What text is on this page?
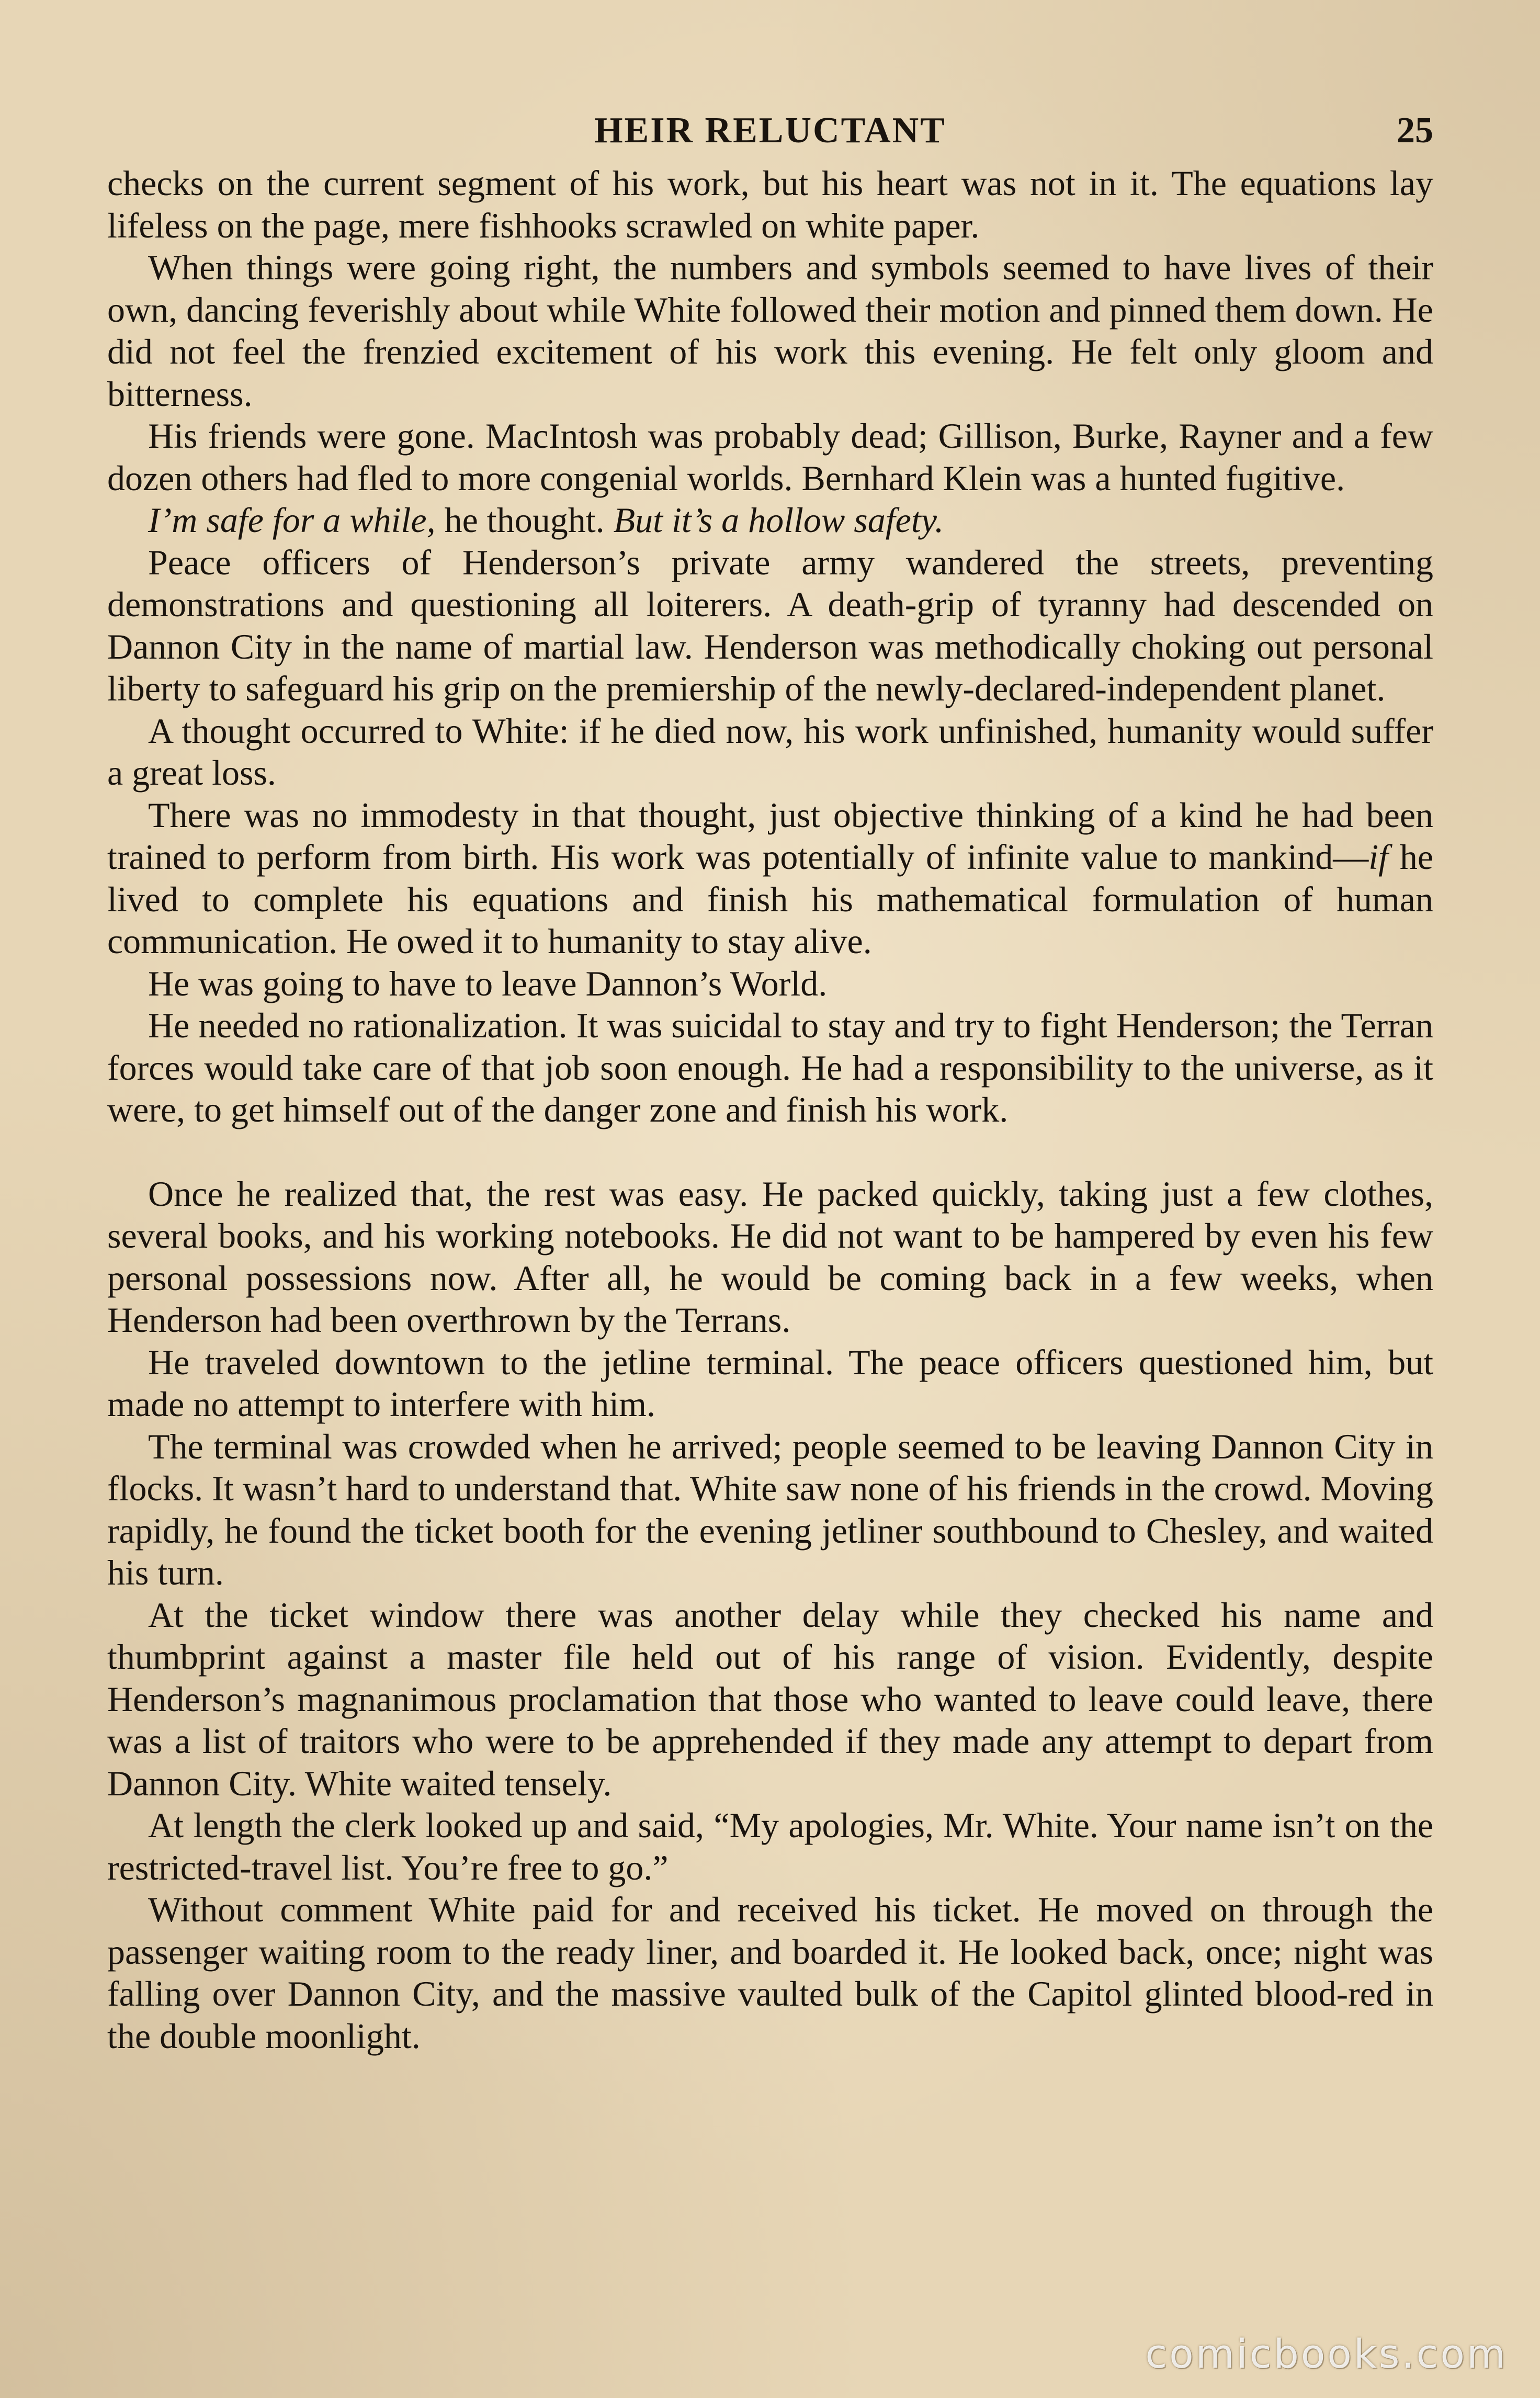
HEIR RELUCTANT	25

checks on the current segment of his work, but his heart was not in it. The equations lay lifeless on the page, mere fishhooks scrawled on white paper.

When things were going right, the numbers and symbols seemed to have lives of their own, dancing feverishly about while White followed their motion and pinned them down. He did not feel the frenzied excitement of his work this evening. He felt only gloom and bitterness.

His friends were gone. MacIntosh was probably dead; Gillison, Burke, Rayner and a few dozen others had fled to more congenial worlds. Bernhard Klein was a hunted fugitive.

I’m safe for a while, he thought. But it’s a hollow safety.

Peace officers of Henderson’s private army wandered the streets, preventing demonstrations and questioning all loiterers. A death-grip of tyranny had descended on Dannon City in the name of martial law. Henderson was methodically choking out personal liberty to safeguard his grip on the premiership of the newly-declared-independent planet.

A thought occurred to White: if he died now, his work unfinished, humanity would suffer a great loss.

There was no immodesty in that thought, just objective thinking of a kind he had been trained to perform from birth. His work was potentially of infinite value to mankind—if he lived to complete his equations and finish his mathematical formulation of human communication. He owed it to humanity to stay alive.

He was going to have to leave Dannon’s World.

He needed no rationalization. It was suicidal to stay and try to fight Henderson; the Terran forces would take care of that job soon enough. He had a responsibility to the universe, as it were, to get himself out of the danger zone and finish his work.

Once he realized that, the rest was easy. He packed quickly, taking just a few clothes, several books, and his working notebooks. He did not want to be hampered by even his few personal possessions now. After all, he would be coming back in a few weeks, when Henderson had been overthrown by the Terrans.

He traveled downtown to the jetline terminal. The peace officers questioned him, but made no attempt to interfere with him.

The terminal was crowded when he arrived; people seemed to be leaving Dannon City in flocks. It wasn’t hard to understand that. White saw none of his friends in the crowd. Moving rapidly, he found the ticket booth for the evening jetliner southbound to Chesley, and waited his turn.

At the ticket window there was another delay while they checked his name and thumbprint against a master file held out of his range of vision. Evidently, despite Henderson’s magnanimous proclamation that those who wanted to leave could leave, there was a list of traitors who were to be apprehended if they made any attempt to depart from Dannon City. White waited tensely.

At length the clerk looked up and said, “My apologies, Mr. White. Your name isn’t on the restricted-travel list. You’re free to go.”

Without comment White paid for and received his ticket. He moved on through the passenger waiting room to the ready liner, and boarded it. He looked back, once; night was falling over Dannon City, and the massive vaulted bulk of the Capitol glinted blood-red in the double moonlight.

comicbooks.com
